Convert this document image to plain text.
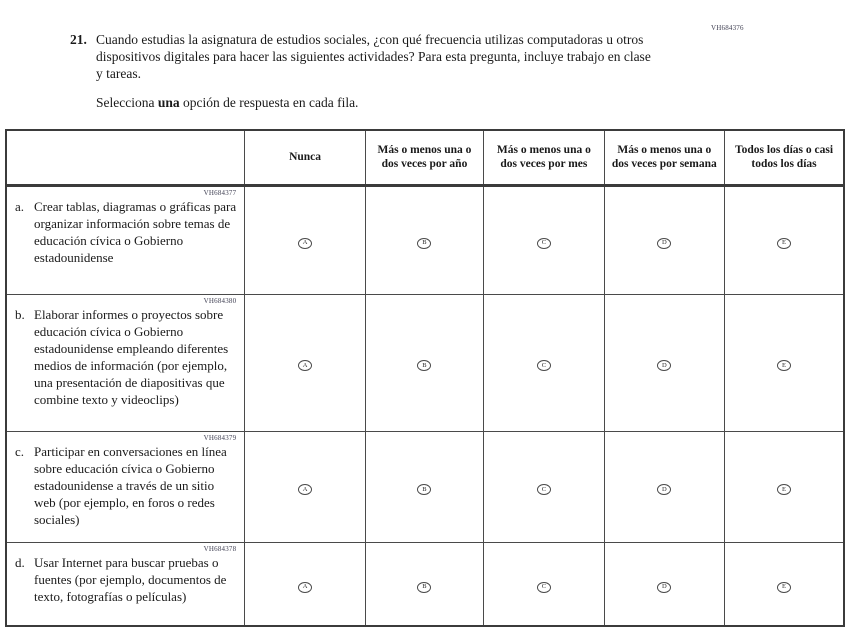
VH684376
21. Cuando estudias la asignatura de estudios sociales, ¿con qué frecuencia utilizas computadoras u otros dispositivos digitales para hacer las siguientes actividades? Para esta pregunta, incluye trabajo en clase y tareas.
Selecciona una opción de respuesta en cada fila.
	Nunca	Más o menos una o dos veces por año	Más o menos una o dos veces por mes	Más o menos una o dos veces por semana	Todos los días o casi todos los días

VH684377
a. Crear tablas, diagramas o gráficas para organizar información sobre temas de educación cívica o Gobierno estadounidense	A	B	C	D	E

VH684380
b. Elaborar informes o proyectos sobre educación cívica o Gobierno estadounidense empleando diferentes medios de información (por ejemplo, una presentación de diapositivas que combine texto y videoclips)	A	B	C	D	E

VH684379
c. Participar en conversaciones en línea sobre educación cívica o Gobierno estadounidense a través de un sitio web (por ejemplo, en foros o redes sociales)	A	B	C	D	E

VH684378
d. Usar Internet para buscar pruebas o fuentes (por ejemplo, documentos de texto, fotografías o películas)	A	B	C	D	E
